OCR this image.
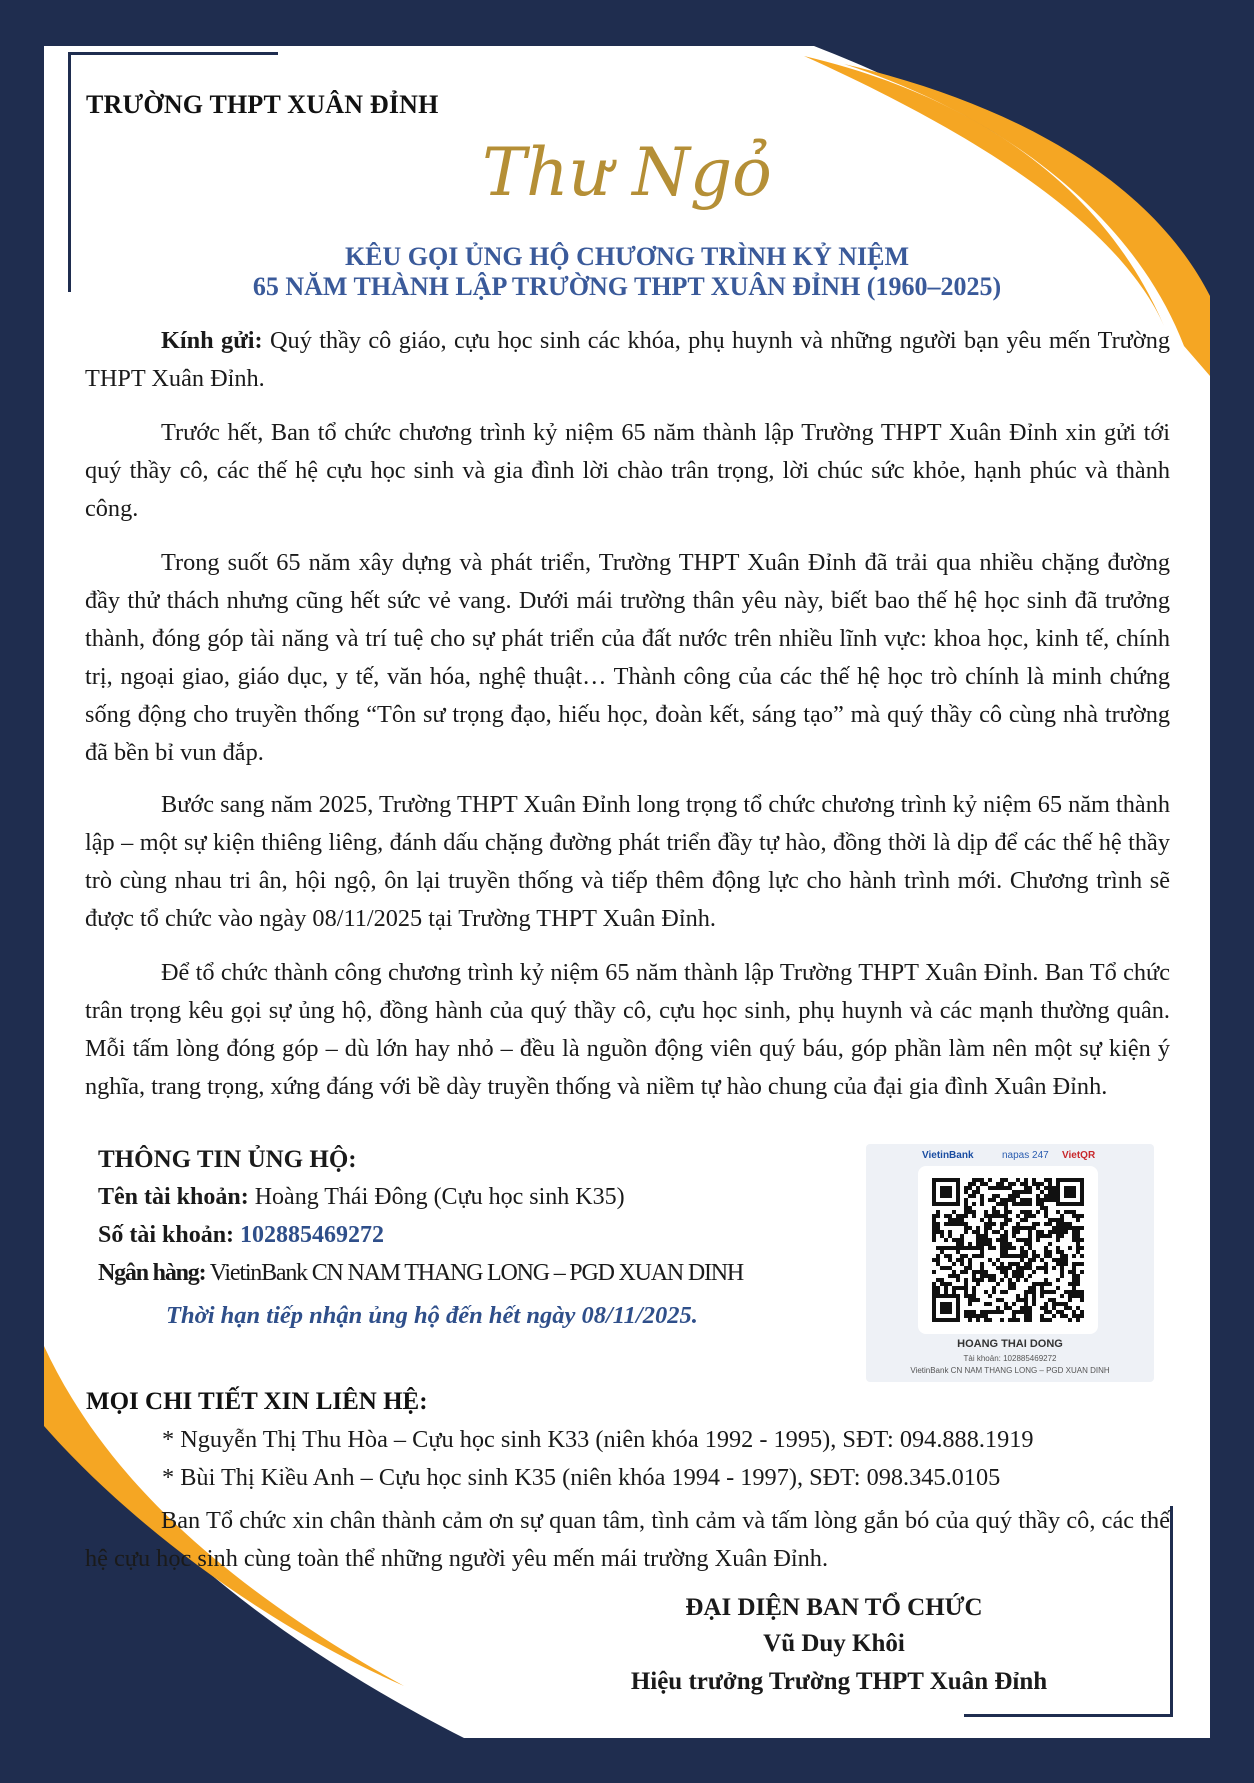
TRƯỜNG THPT XUÂN ĐỈNH
Thư Ngỏ
KÊU GỌI ỦNG HỘ CHƯƠNG TRÌNH KỶ NIỆM
65 NĂM THÀNH LẬP TRƯỜNG THPT XUÂN ĐỈNH (1960–2025)
Kính gửi: Quý thầy cô giáo, cựu học sinh các khóa, phụ huynh và những người bạn yêu mến Trường THPT Xuân Đỉnh.
Trước hết, Ban tổ chức chương trình kỷ niệm 65 năm thành lập Trường THPT Xuân Đỉnh xin gửi tới quý thầy cô, các thế hệ cựu học sinh và gia đình lời chào trân trọng, lời chúc sức khỏe, hạnh phúc và thành công.
Trong suốt 65 năm xây dựng và phát triển, Trường THPT Xuân Đỉnh đã trải qua nhiều chặng đường đầy thử thách nhưng cũng hết sức vẻ vang. Dưới mái trường thân yêu này, biết bao thế hệ học sinh đã trưởng thành, đóng góp tài năng và trí tuệ cho sự phát triển của đất nước trên nhiều lĩnh vực: khoa học, kinh tế, chính trị, ngoại giao, giáo dục, y tế, văn hóa, nghệ thuật… Thành công của các thế hệ học trò chính là minh chứng sống động cho truyền thống “Tôn sư trọng đạo, hiếu học, đoàn kết, sáng tạo” mà quý thầy cô cùng nhà trường đã bền bỉ vun đắp.
Bước sang năm 2025, Trường THPT Xuân Đỉnh long trọng tổ chức chương trình kỷ niệm 65 năm thành lập – một sự kiện thiêng liêng, đánh dấu chặng đường phát triển đầy tự hào, đồng thời là dịp để các thế hệ thầy trò cùng nhau tri ân, hội ngộ, ôn lại truyền thống và tiếp thêm động lực cho hành trình mới. Chương trình sẽ được tổ chức vào ngày 08/11/2025 tại Trường THPT Xuân Đỉnh.
Để tổ chức thành công chương trình kỷ niệm 65 năm thành lập Trường THPT Xuân Đỉnh. Ban Tổ chức trân trọng kêu gọi sự ủng hộ, đồng hành của quý thầy cô, cựu học sinh, phụ huynh và các mạnh thường quân. Mỗi tấm lòng đóng góp – dù lớn hay nhỏ – đều là nguồn động viên quý báu, góp phần làm nên một sự kiện ý nghĩa, trang trọng, xứng đáng với bề dày truyền thống và niềm tự hào chung của đại gia đình Xuân Đỉnh.
THÔNG TIN ỦNG HỘ:
Tên tài khoản: Hoàng Thái Đông (Cựu học sinh K35)
Số tài khoản: 102885469272
Ngân hàng: VietinBank CN NAM THANG LONG – PGD XUAN DINH
Thời hạn tiếp nhận ủng hộ đến hết ngày 08/11/2025.
VietinBank	napas 247 VietQR
HOANG THAI DONG
Tài khoản: 102885469272
VietinBank CN NAM THANG LONG – PGD XUAN DINH
MỌI CHI TIẾT XIN LIÊN HỆ:
* Nguyễn Thị Thu Hòa – Cựu học sinh K33 (niên khóa 1992 - 1995), SĐT: 094.888.1919
* Bùi Thị Kiều Anh – Cựu học sinh K35 (niên khóa 1994 - 1997), SĐT: 098.345.0105
Ban Tổ chức xin chân thành cảm ơn sự quan tâm, tình cảm và tấm lòng gắn bó của quý thầy cô, các thế hệ cựu học sinh cùng toàn thể những người yêu mến mái trường Xuân Đỉnh.
ĐẠI DIỆN BAN TỔ CHỨC
Vũ Duy Khôi
Hiệu trưởng Trường THPT Xuân Đỉnh
